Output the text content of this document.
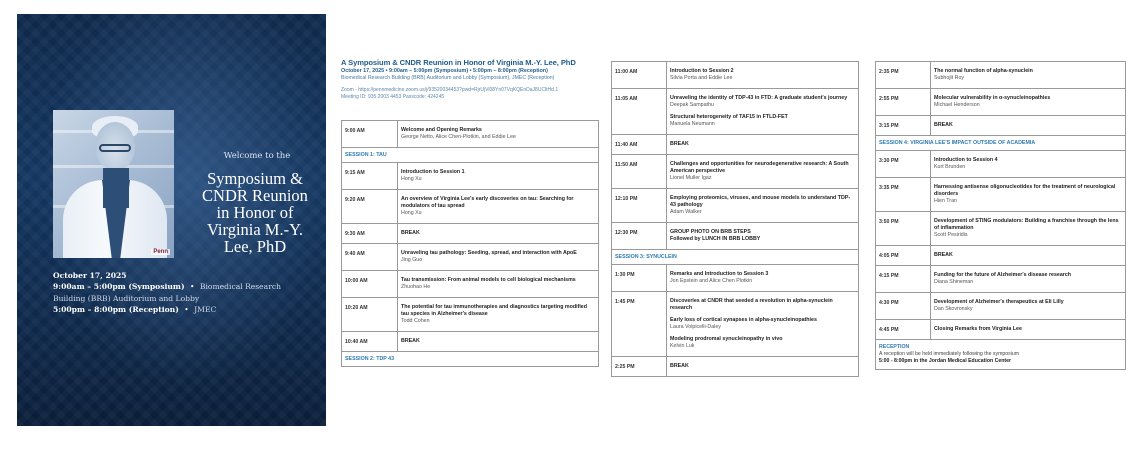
Penn
Welcome to the
Symposium &
CNDR Reunion
in Honor of
Virginia M.-Y.
Lee, PhD
October 17, 2025
9:00am – 5:00pm (Symposium) • Biomedical Research
Building (BRB) Auditorium and Lobby
5:00pm – 8:00pm (Reception) • JMEC
A Symposium & CNDR Reunion in Honor of Virginia M.-Y. Lee, PhD
October 17, 2025 • 9:00am – 5:00pm (Symposium) • 5:00pm – 8:00pm (Reception)
Biomedical Research Building (BRB) Auditorium and Lobby (Symposium), JMEC (Reception)
Zoom - https://pennmedicine.zoom.us/j/93520034453?pwd=RjrUjVi08Yn07VqKQEnDaJ8UCltHd.1
Meeting ID: 935 2003 4453 Passcode: 424245
9:00 AM	Welcome and Opening Remarks
George Netto, Alice Chen-Plotkin, and Eddie Lee

SESSION 1: TAU	
9:15 AM	Introduction to Session 1
Hong Xu

9:20 AM	An overview of Virginia Lee's early discoveries on tau: Searching for modulators of tau spread
Hong Xu

9:30 AM	BREAK

9:40 AM	Unraveling tau pathology: Seeding, spread, and interaction with ApoE
Jing Guo

10:00 AM	Tau transmission: From animal models to cell biological mechanisms
Zhuohao He

10:20 AM	The potential for tau immunotherapies and diagnostics targeting modified tau species in Alzheimer's disease
Todd Cohen

10:40 AM	BREAK

SESSION 2: TDP 43	
11:00 AM	Introduction to Session 2
Silvia Porta and Eddie Lee

11:05 AM	Unraveling the identity of TDP-43 in FTD: A graduate student's journey
Deepak Sampathu
Structural heterogeneity of TAF15 in FTLD-FET
Manuela Neumann

11:40 AM	BREAK

11:50 AM	Challenges and opportunities for neurodegenerative research: A South American perspective
Lionel Muller Igaz

12:10 PM	Employing proteomics, viruses, and mouse models to understand TDP-43 pathology
Adam Walker

12:30 PM	GROUP PHOTO ON BRB STEPS
Followed by LUNCH IN BRB LOBBY

SESSION 3: SYNUCLEIN	
1:30 PM	Remarks and Introduction to Session 3
Jon Epstein and Alice Chen Plotkin

1:45 PM	Discoveries at CNDR that seeded a revolution in alpha-synuclein research
Early loss of cortical synapses in alpha-synucleinopathies
Laura Volpicelli-Daley
Modeling prodromal synucleinopathy in vivo
Kelvin Luk

2:25 PM	BREAK
2:35 PM	The normal function of alpha-synuclein
Subhojit Roy

2:55 PM	Molecular vulnerability in α-synucleinopathies
Michael Henderson

3:15 PM	BREAK

SESSION 4: VIRGINIA LEE'S IMPACT OUTSIDE OF ACADEMIA	
3:30 PM	Introduction to Session 4
Kurt Brunden

3:35 PM	Harnessing antisense oligonucleotides for the treatment of neurological disorders
Hien Tran

3:50 PM	Development of STING modulators: Building a franchise through the lens of inflammation
Scott Pesiridis

4:05 PM	BREAK

4:15 PM	Funding for the future of Alzheimer's disease research
Diana Shineman

4:30 PM	Development of Alzheimer's therapeutics at Eli Lilly
Dan Skovronsky

4:45 PM	Closing Remarks from Virginia Lee

RECEPTION
A reception will be held immediately following the symposium
5:00 - 8:00pm in the Jordan Medical Education Center	
